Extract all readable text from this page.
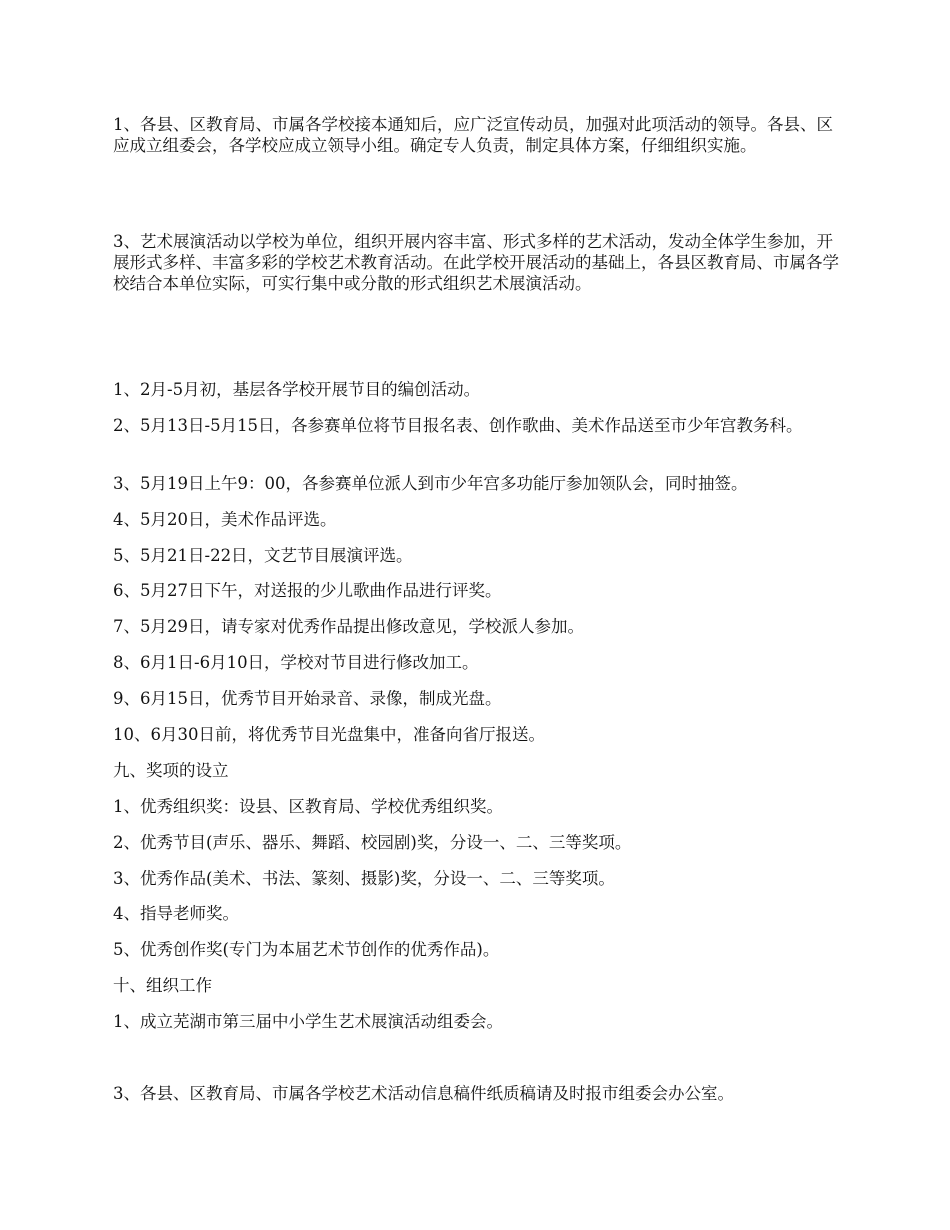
1、各县、区教育局、市属各学校接本通知后，应广泛宣传动员，加强对此项活动的领导。各县、区应成立组委会，各学校应成立领导小组。确定专人负责，制定具体方案，仔细组织实施。

3、艺术展演活动以学校为单位，组织开展内容丰富、形式多样的艺术活动，发动全体学生参加，开展形式多样、丰富多彩的学校艺术教育活动。在此学校开展活动的基础上，各县区教育局、市属各学校结合本单位实际，可实行集中或分散的形式组织艺术展演活动。

1、2月-5月初，基层各学校开展节目的编创活动。

2、5月13日-5月15日，各参赛单位将节目报名表、创作歌曲、美术作品送至市少年宫教务科。

3、5月19日上午9：00，各参赛单位派人到市少年宫多功能厅参加领队会，同时抽签。

4、5月20日，美术作品评选。

5、5月21日-22日，文艺节目展演评选。

6、5月27日下午，对送报的少儿歌曲作品进行评奖。

7、5月29日，请专家对优秀作品提出修改意见，学校派人参加。

8、6月1日-6月10日，学校对节目进行修改加工。

9、6月15日，优秀节目开始录音、录像，制成光盘。

10、6月30日前，将优秀节目光盘集中，准备向省厅报送。

九、奖项的设立

1、优秀组织奖：设县、区教育局、学校优秀组织奖。

2、优秀节目(声乐、器乐、舞蹈、校园剧)奖，分设一、二、三等奖项。

3、优秀作品(美术、书法、篆刻、摄影)奖，分设一、二、三等奖项。

4、指导老师奖。

5、优秀创作奖(专门为本届艺术节创作的优秀作品)。

十、组织工作

1、成立芜湖市第三届中小学生艺术展演活动组委会。

3、各县、区教育局、市属各学校艺术活动信息稿件纸质稿请及时报市组委会办公室。
